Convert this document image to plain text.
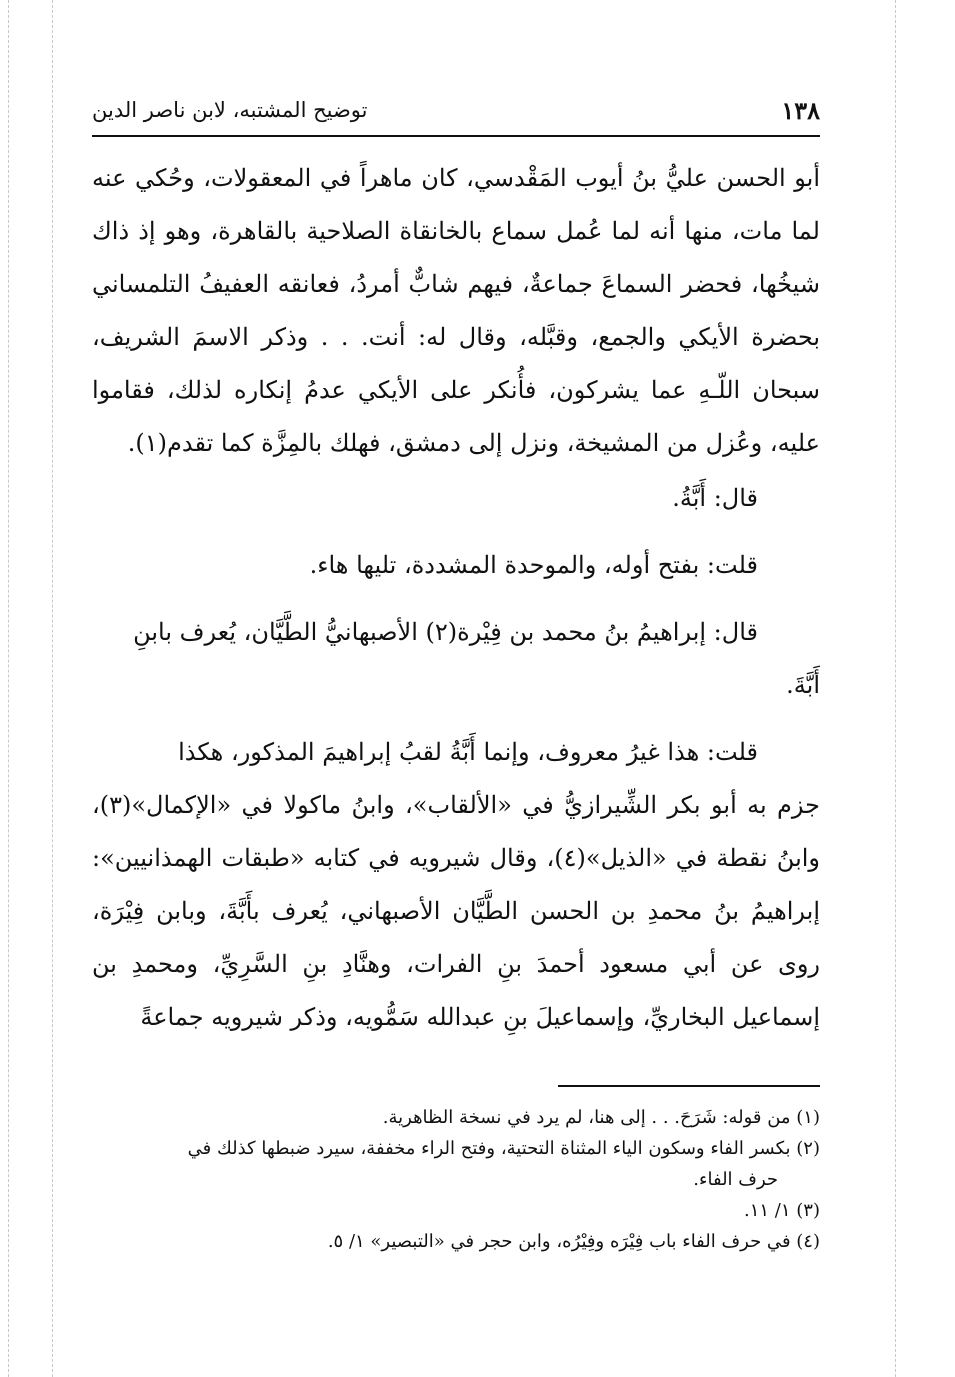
١٣٨
توضيح المشتبه، لابن ناصر الدين

أبو الحسن عليُّ بنُ أيوب المَقْدسي، كان ماهراً في المعقولات، وحُكي عنه لما مات، منها أنه لما عُمل سماع بالخانقاة الصلاحية بالقاهرة، وهو إذ ذاك شيخُها، فحضر السماعَ جماعةٌ، فيهم شابٌّ أمردُ، فعانقه العفيفُ التلمساني بحضرة الأيكي والجمع، وقبَّله، وقال له: أنت. . . وذكر الاسمَ الشريف، سبحان اللّـهِ عما يشركون، فأُنكر على الأيكي عدمُ إنكاره لذلك، فقاموا عليه، وعُزل من المشيخة، ونزل إلى دمشق، فهلك بالمِزَّة كما تقدم(١).

قال: أَبَّةُ.

قلت: بفتح أوله، والموحدة المشددة، تليها هاء.

قال: إبراهيمُ بنُ محمد بن فِيْرة(٢) الأصبهانيُّ الطَّيَّان، يُعرف بابنِ

أَبَّةَ.

قلت: هذا غيرُ معروف، وإنما أَبَّةُ لقبُ إبراهيمَ المذكور، هكذا

جزم به أبو بكر الشِّيرازيُّ في «الألقاب»، وابنُ ماكولا في «الإكمال»(٣)، وابنُ نقطة في «الذيل»(٤)، وقال شيرويه في كتابه «طبقات الهمذانيين»: إبراهيمُ بنُ محمدِ بن الحسن الطَّيَّان الأصبهاني، يُعرف بأَبَّةَ، وبابن فِيْرَة، روى عن أبي مسعود أحمدَ بنِ الفرات، وهنَّادِ بنِ السَّرِيِّ، ومحمدِ بن إسماعيل البخاريِّ، وإسماعيلَ بنِ عبدالله سَمُّويه، وذكر شيرويه جماعةً

(١) من قوله: شَرَحَ. . . إلى هنا، لم يرد في نسخة الظاهرية.

(٢) بكسر الفاء وسكون الياء المثناة التحتية، وفتح الراء مخففة، سيرد ضبطها كذلك في

حرف الفاء.

(٣) ١/ ١١.

(٤) في حرف الفاء باب فِيْرَه وفِيْرُه، وابن حجر في «التبصير» ١/ ٥.
